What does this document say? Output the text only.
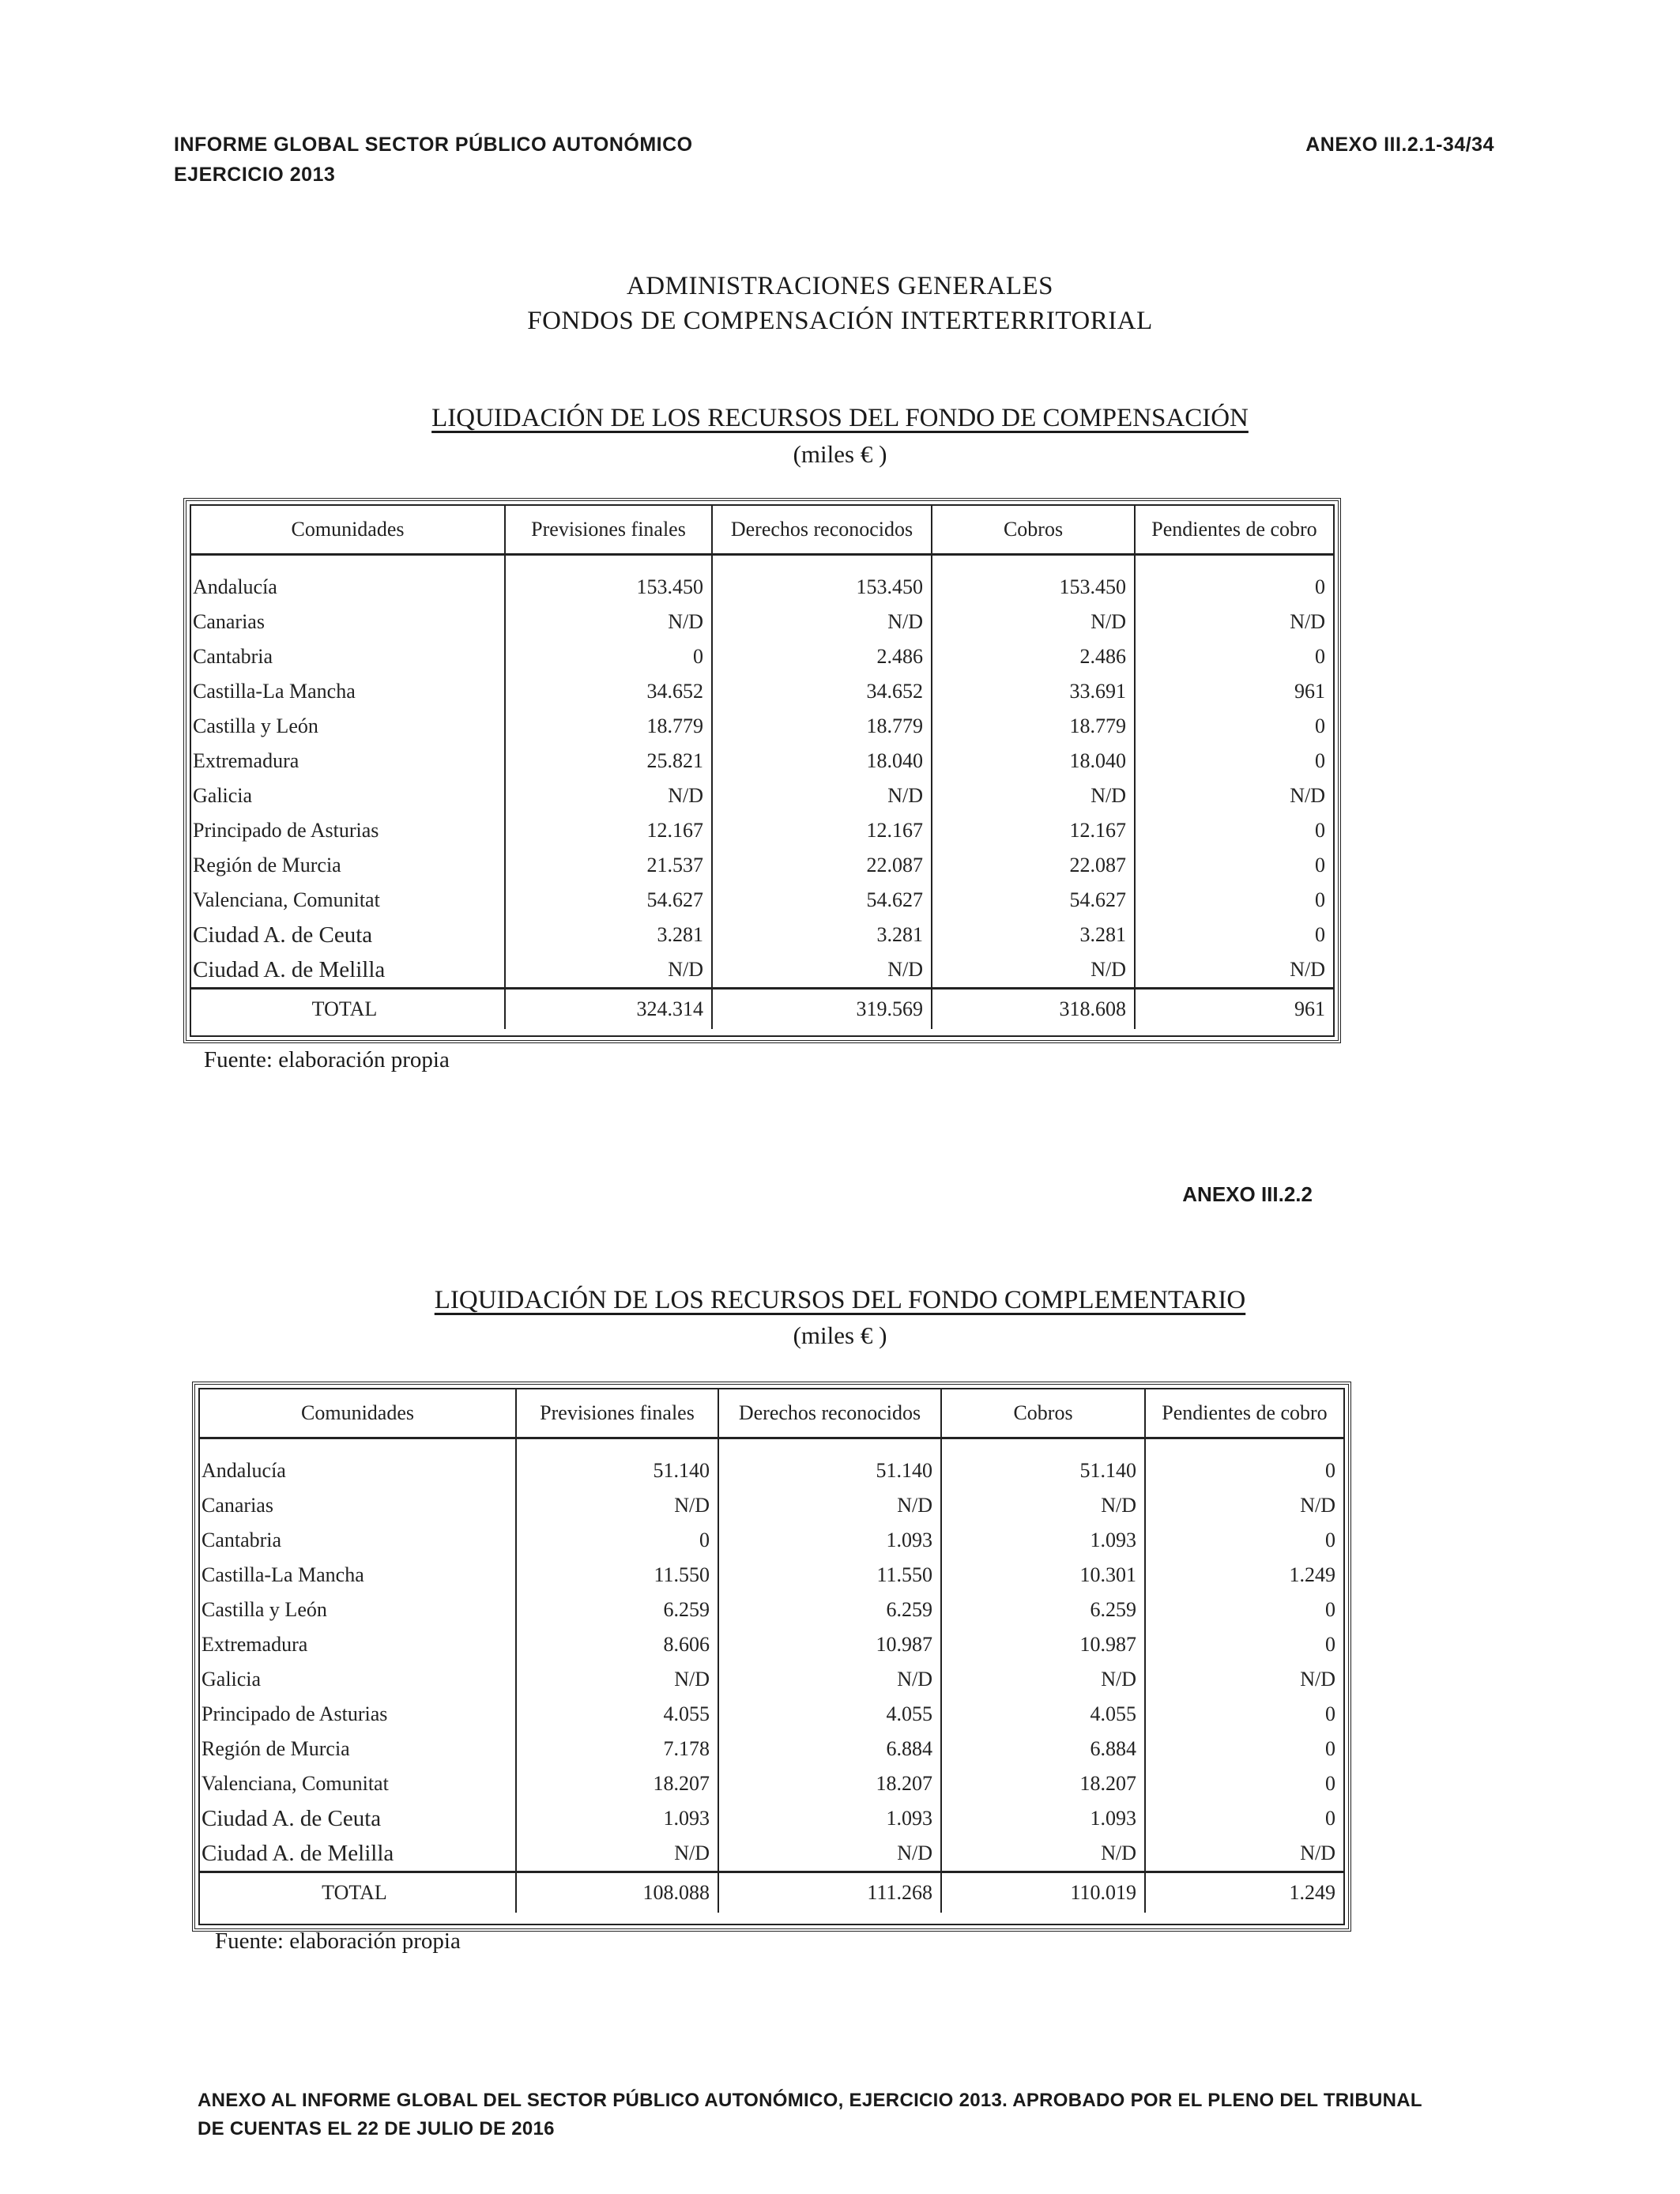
INFORME GLOBAL SECTOR PÚBLICO AUTONÓMICO
EJERCICIO 2013
ANEXO III.2.1-34/34
ADMINISTRACIONES GENERALES
FONDOS DE COMPENSACIÓN INTERTERRITORIAL
LIQUIDACIÓN DE LOS RECURSOS DEL FONDO DE COMPENSACIÓN
(miles € )
Comunidades	Previsiones finales	Derechos reconocidos	Cobros	Pendientes de cobro

Andalucía	153.450	153.450	153.450	0
Canarias	N/D	N/D	N/D	N/D
Cantabria	0	2.486	2.486	0
Castilla-La Mancha	34.652	34.652	33.691	961
Castilla y León	18.779	18.779	18.779	0
Extremadura	25.821	18.040	18.040	0
Galicia	N/D	N/D	N/D	N/D
Principado de Asturias	12.167	12.167	12.167	0
Región de Murcia	21.537	22.087	22.087	0
Valenciana, Comunitat	54.627	54.627	54.627	0
Ciudad A. de Ceuta	3.281	3.281	3.281	0
Ciudad A. de Melilla	N/D	N/D	N/D	N/D
TOTAL	324.314	319.569	318.608	961
Fuente: elaboración propia
ANEXO III.2.2
LIQUIDACIÓN DE LOS RECURSOS DEL FONDO COMPLEMENTARIO
(miles € )
Comunidades	Previsiones finales	Derechos reconocidos	Cobros	Pendientes de cobro

Andalucía	51.140	51.140	51.140	0
Canarias	N/D	N/D	N/D	N/D
Cantabria	0	1.093	1.093	0
Castilla-La Mancha	11.550	11.550	10.301	1.249
Castilla y León	6.259	6.259	6.259	0
Extremadura	8.606	10.987	10.987	0
Galicia	N/D	N/D	N/D	N/D
Principado de Asturias	4.055	4.055	4.055	0
Región de Murcia	7.178	6.884	6.884	0
Valenciana, Comunitat	18.207	18.207	18.207	0
Ciudad A. de Ceuta	1.093	1.093	1.093	0
Ciudad A. de Melilla	N/D	N/D	N/D	N/D
TOTAL	108.088	111.268	110.019	1.249
Fuente: elaboración propia
ANEXO AL INFORME GLOBAL DEL SECTOR PÚBLICO AUTONÓMICO, EJERCICIO 2013. APROBADO POR EL PLENO DEL TRIBUNAL
DE CUENTAS EL 22 DE JULIO DE 2016
